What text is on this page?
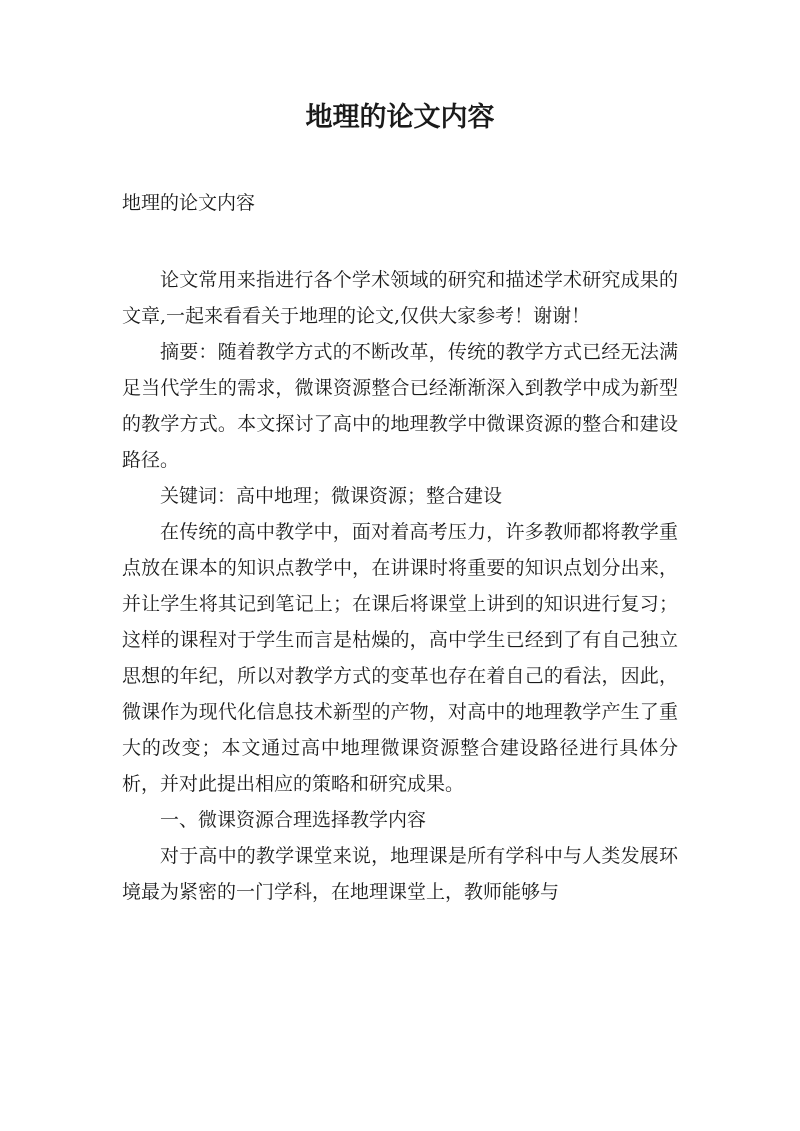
地理的论文内容

地理的论文内容

论文常用来指进行各个学术领域的研究和描述学术研究成果的文章,一起来看看关于地理的论文,仅供大家参考！谢谢！

摘要：随着教学方式的不断改革，传统的教学方式已经无法满足当代学生的需求，微课资源整合已经渐渐深入到教学中成为新型的教学方式。本文探讨了高中的地理教学中微课资源的整合和建设路径。

关键词：高中地理；微课资源；整合建设

在传统的高中教学中，面对着高考压力，许多教师都将教学重点放在课本的知识点教学中，在讲课时将重要的知识点划分出来，并让学生将其记到笔记上；在课后将课堂上讲到的知识进行复习；这样的课程对于学生而言是枯燥的，高中学生已经到了有自己独立思想的年纪，所以对教学方式的变革也存在着自己的看法，因此，微课作为现代化信息技术新型的产物，对高中的地理教学产生了重大的改变；本文通过高中地理微课资源整合建设路径进行具体分析，并对此提出相应的策略和研究成果。

一、微课资源合理选择教学内容

对于高中的教学课堂来说，地理课是所有学科中与人类发展环境最为紧密的一门学科，在地理课堂上，教师能够与
